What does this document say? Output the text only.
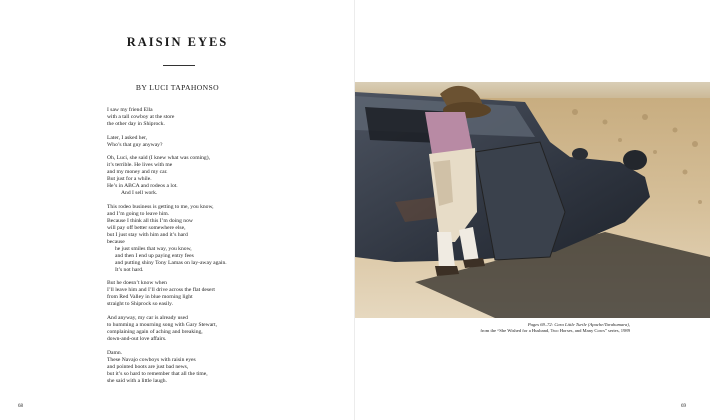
RAISIN EYES
BY LUCI TAPAHONSO
I saw my friend Ella
with a tall cowboy at the store
the other day in Shiprock.
Later, I asked her,
Who’s that guy anyway?
Oh, Luci, she said (I knew what was coming),
it’s terrible. He lives with me
and my money and my car.
But just for a while.
He’s in ABCA and rodeos a lot.
And I sell work.
This rodeo business is getting to me, you know,
and I’m going to leave him.
Because I think all this I’m doing now
will pay off better somewhere else,
but I just stay with him and it’s hard
because
he just smiles that way, you know,
and then I end up paying entry fees
and putting shiny Tony Lamas on lay-away again.
It’s not hard.
But he doesn’t know when
I’ll leave him and I’ll drive across the flat desert
from Red Valley in blue morning light
straight to Shiprock so easily.
And anyway, my car is already used
to humming a mourning song with Gary Stewart,
complaining again of aching and breaking,
down-and-out love affairs.
Damn.
These Navajo cowboys with raisin eyes
and pointed boots are just bad news,
but it’s so hard to remember that all the time,
she said with a little laugh.
68
Pages 69–72: Cara Little Turtle (Apache/Tarahumara),
from the “She Wished for a Husband, Two Horses, and Many Cows” series, 1989
69
